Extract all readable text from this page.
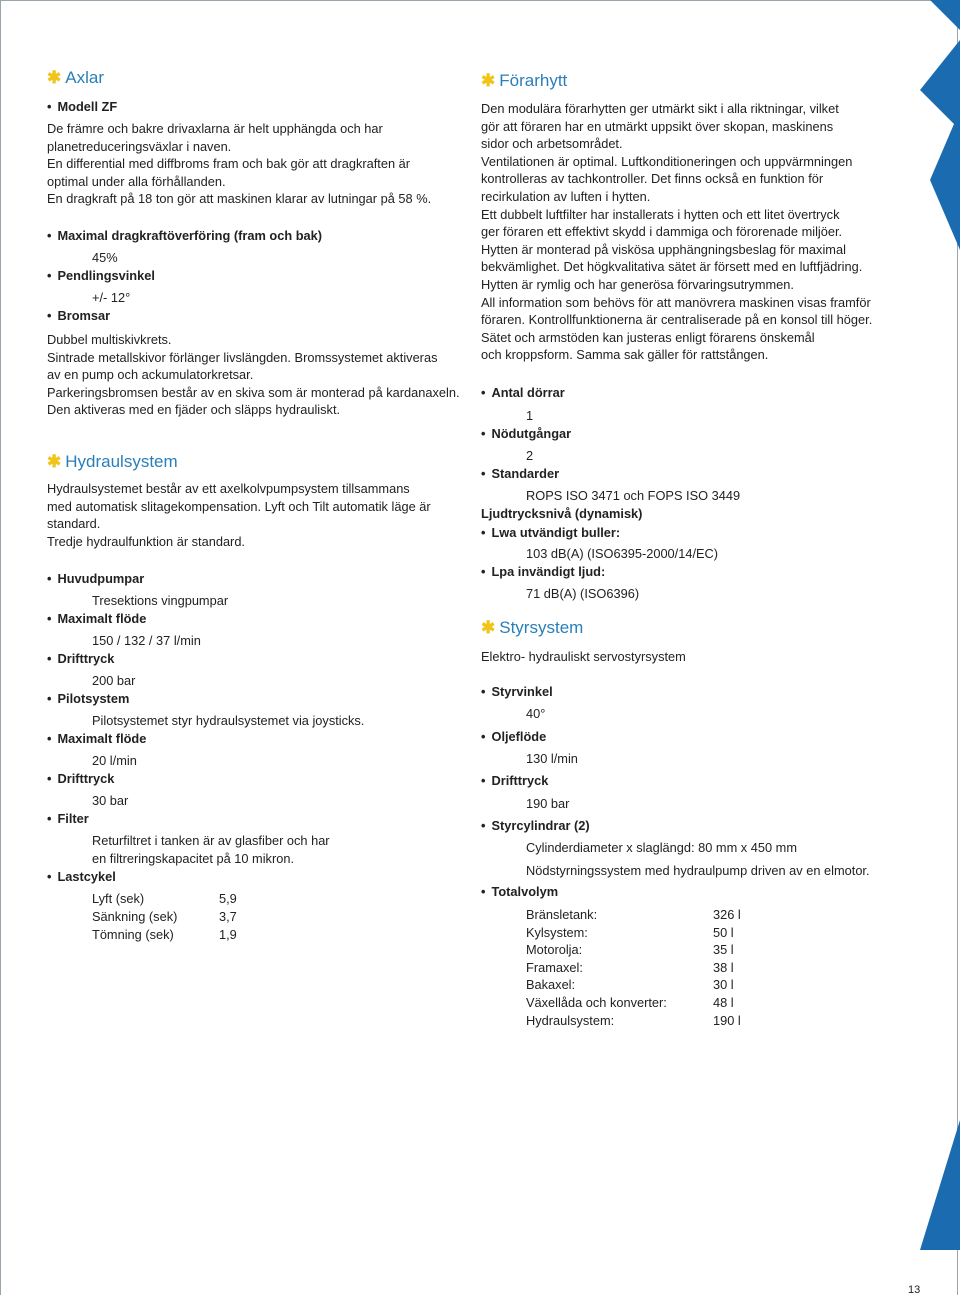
✱ Axlar
• Modell ZF
De främre och bakre drivaxlarna är helt upphängda och har
planetreduceringsväxlar i naven.
En differential med diffbroms fram och bak gör att dragkraften är
optimal under alla förhållanden.
En dragkraft på 18 ton gör att maskinen klarar av lutningar på 58 %.
• Maximal dragkraftöverföring (fram och bak)
45%
• Pendlingsvinkel
+/- 12°
• Bromsar
Dubbel multiskivkrets.
Sintrade metallskivor förlänger livslängden. Bromssystemet aktiveras
av en pump och ackumulatorkretsar.
Parkeringsbromsen består av en skiva som är monterad på kardanaxeln.
Den aktiveras med en fjäder och släpps hydrauliskt.
✱ Hydraulsystem
Hydraulsystemet består av ett axelkolvpumpsystem tillsammans
med automatisk slitagekompensation. Lyft och Tilt automatik läge är
standard.
Tredje hydraulfunktion är standard.
• Huvudpumpar
Tresektions vingpumpar
• Maximalt flöde
150 / 132 / 37 l/min
• Drifttryck
200 bar
• Pilotsystem
Pilotsystemet styr hydraulsystemet via joysticks.
• Maximalt flöde
20 l/min
• Drifttryck
30 bar
• Filter
Returfiltret i tanken är av glasfiber och har
en filtreringskapacitet på 10 mikron.
• Lastcykel
Lyft (sek)	5,9
Sänkning (sek)	3,7
Tömning (sek)	1,9
✱ Förarhytt
Den modulära förarhytten ger utmärkt sikt i alla riktningar, vilket
gör att föraren har en utmärkt uppsikt över skopan, maskinens
sidor och arbetsområdet.
Ventilationen är optimal. Luftkonditioneringen och uppvärmningen
kontrolleras av tachkontroller. Det finns också en funktion för
recirkulation av luften i hytten.
Ett dubbelt luftfilter har installerats i hytten och ett litet övertryck
ger föraren ett effektivt skydd i dammiga och förorenade miljöer.
Hytten är monterad på viskösa upphängningsbeslag för maximal
bekvämlighet. Det högkvalitativa sätet är försett med en luftfjädring.
Hytten är rymlig och har generösa förvaringsutrymmen.
All information som behövs för att manövrera maskinen visas framför
föraren. Kontrollfunktionerna är centraliserade på en konsol till höger.
Sätet och armstöden kan justeras enligt förarens önskemål
och kroppsform. Samma sak gäller för rattstången.
• Antal dörrar
1
• Nödutgångar
2
• Standarder
ROPS ISO 3471 och FOPS ISO 3449
Ljudtrycksnivå (dynamisk)
• Lwa utvändigt buller:
103 dB(A) (ISO6395-2000/14/EC)
• Lpa invändigt ljud:
71 dB(A) (ISO6396)
✱ Styrsystem
Elektro- hydrauliskt servostyrsystem
• Styrvinkel
40°
• Oljeflöde
130 l/min
• Drifttryck
190 bar
• Styrcylindrar (2)
Cylinderdiameter x slaglängd: 80 mm x 450 mm
Nödstyrningssystem med hydraulpump driven av en elmotor.
• Totalvolym
Bränsletank:	326 l
Kylsystem:	50 l
Motorolja:	35 l
Framaxel:	38 l
Bakaxel:	30 l
Växellåda och konverter:	48 l
Hydraulsystem:	190 l
13
